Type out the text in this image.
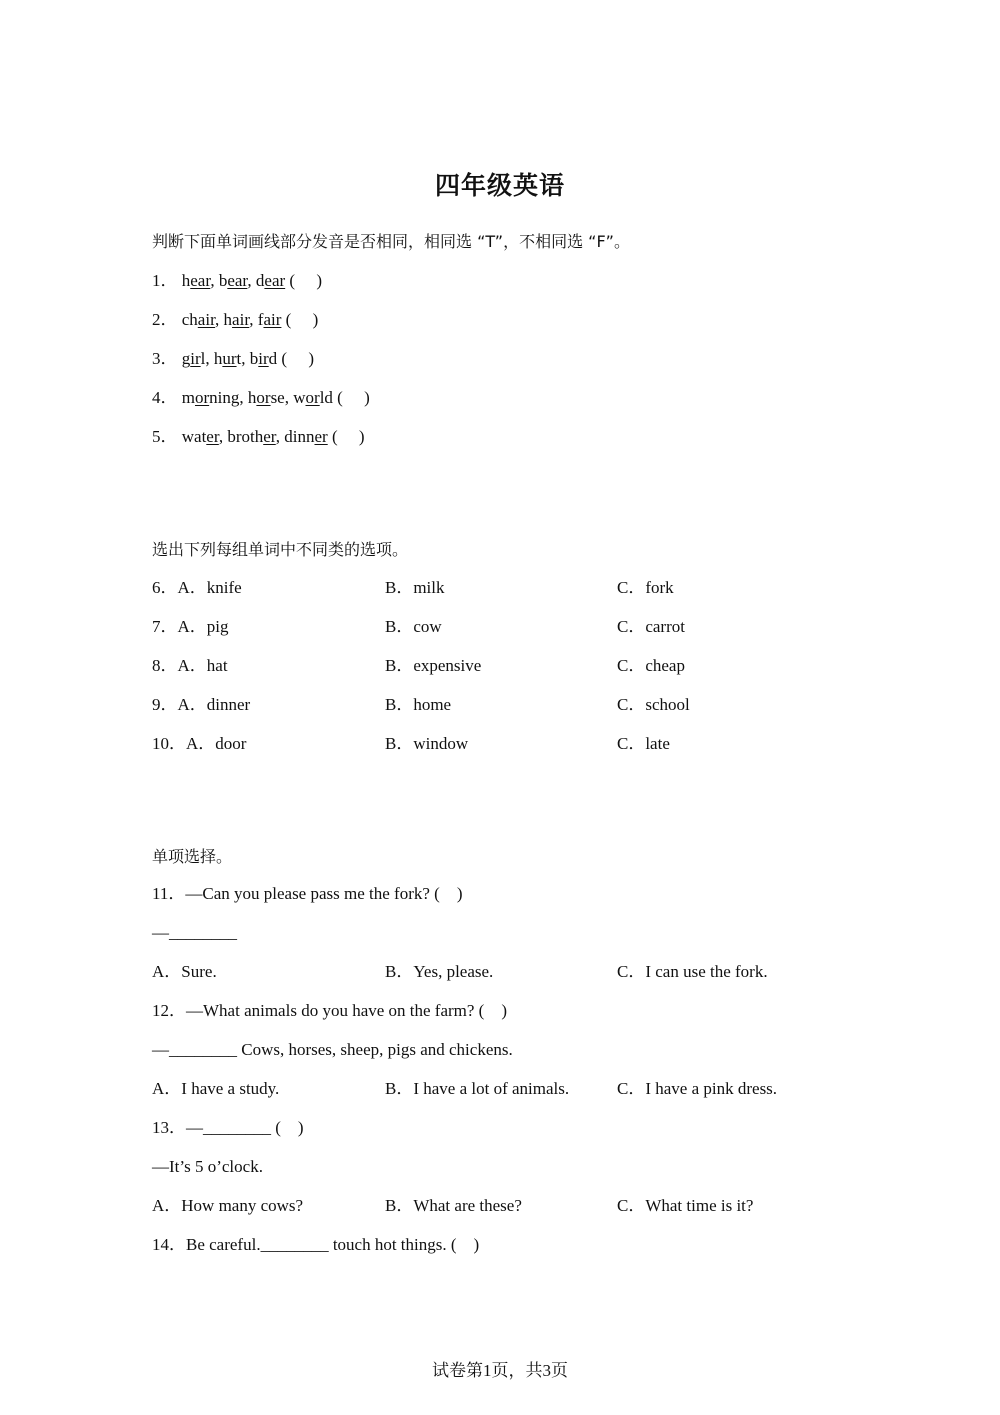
四年级英语
判断下面单词画线部分发音是否相同，相同选 “T”，不相同选 “F”。
1． hear, bear, dear (     )
2． chair, hair, fair (     )
3． girl, hurt, bird (     )
4． morning, horse, world (     )
5． water, brother, dinner (     )
选出下列每组单词中不同类的选项。
6．A．knife	B．milk	C．fork
7．A．pig	B．cow	C．carrot
8．A．hat	B．expensive	C．cheap
9．A．dinner	B．home	C．school
10．A．door	B．window	C．late
单项选择。
11．—Can you please pass me the fork? (    )
—________
A．Sure.	B．Yes, please.	C．I can use the fork.
12．—What animals do you have on the farm? (    )
—________ Cows, horses, sheep, pigs and chickens.
A．I have a study.	B．I have a lot of animals.	C．I have a pink dress.
13．—________ (    )
—It’s 5 o’clock.
A．How many cows?	B．What are these?	C．What time is it?
14．Be careful.________ touch hot things. (    )
试卷第1页，共3页
